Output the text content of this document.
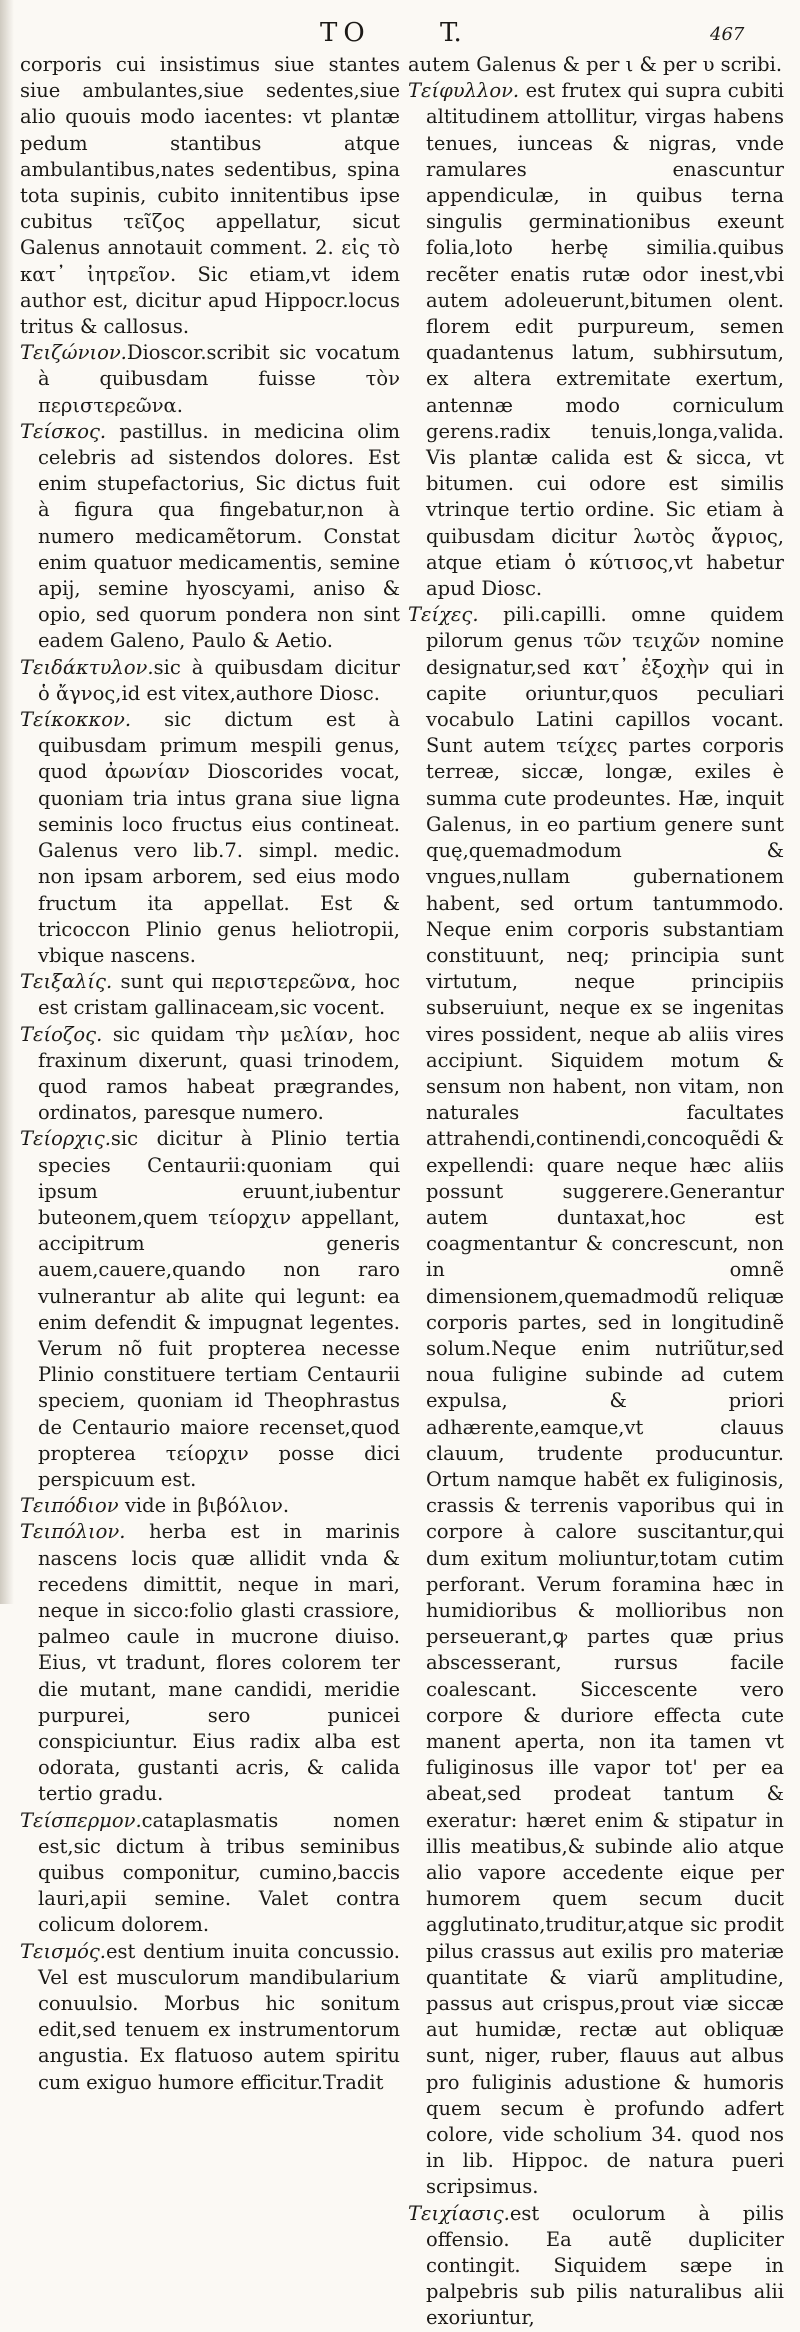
TO	T.	467

corporis cui insistimus siue stantes siue ambulantes,siue sedentes,siue alio quouis modo iacentes: vt plantæ pedum stantibus atque ambulantibus,nates sedentibus, spina tota supinis, cubito innitentibus ipse cubitus τεῖζος appellatur, sicut Galenus annotauit comment. 2. εἰς τὸ κατ᾽ ἰητρεῖον. Sic etiam,vt idem author est, dicitur apud Hippocr.locus tritus & callosus.

Τειζώνιον.Dioscor.scribit sic vocatum à quibusdam fuisse τὸν περιστερεῶνα.

Τείσκος. pastillus. in medicina olim celebris ad sistendos dolores. Est enim stupefactorius, Sic dictus fuit à figura qua fingebatur,non à numero medicamẽtorum. Constat enim quatuor medicamentis, semine apij, semine hyoscyami, aniso & opio, sed quorum pondera non sint eadem Galeno, Paulo & Aetio.

Τειδάκτυλον.sic à quibusdam dicitur ὁ ἄγνος,id est vitex,authore Diosc.

Τείκοκκον. sic dictum est à quibusdam primum mespili genus, quod ἀρωνίαν Dioscorides vocat, quoniam tria intus grana siue ligna seminis loco fructus eius contineat. Galenus vero lib.7. simpl. medic. non ipsam arborem, sed eius modo fructum ita appellat. Est & tricoccon Plinio genus heliotropii, vbique nascens.

Τειξαλίς. sunt qui περιστερεῶνα, hoc est cristam gallinaceam,sic vocent.

Τείοζος. sic quidam τὴν μελίαν, hoc fraxinum dixerunt, quasi trinodem, quod ramos habeat prægrandes, ordinatos, paresque numero.

Τείορχις.sic dicitur à Plinio tertia species Centaurii:quoniam qui ipsum eruunt,iubentur buteonem,quem τείορχιν appellant, accipitrum generis auem,cauere,quando non raro vulnerantur ab alite qui legunt: ea enim defendit & impugnat legentes. Verum nõ fuit propterea necesse Plinio constituere tertiam Centaurii speciem, quoniam id Theophrastus de Centaurio maiore recenset,quod propterea τείορχιν posse dici perspicuum est.

Τειπόδιον vide in βιβόλιον.

Τειπόλιον. herba est in marinis nascens locis quæ allidit vnda & recedens dimittit, neque in mari, neque in sicco:folio glasti crassiore, palmeo caule in mucrone diuiso. Eius, vt tradunt, flores colorem ter die mutant, mane candidi, meridie purpurei, sero punicei conspiciuntur. Eius radix alba est odorata, gustanti acris, & calida tertio gradu.

Τείσπερμον.cataplasmatis nomen est,sic dictum à tribus seminibus quibus componitur, cumino,baccis lauri,apii semine. Valet contra colicum dolorem.

Τεισμός.est dentium inuita concussio. Vel est musculorum mandibularium conuulsio. Morbus hic sonitum edit,sed tenuem ex instrumentorum angustia. Ex flatuoso autem spiritu cum exiguo humore efficitur.Tradit

autem Galenus & per ι & per υ scribi.

Τείφυλλον. est frutex qui supra cubiti altitudinem attollitur, virgas habens tenues, iunceas & nigras, vnde ramulares enascuntur appendiculæ, in quibus terna singulis germinationibus exeunt folia,loto herbę similia.quibus recẽter enatis rutæ odor inest,vbi autem adoleuerunt,bitumen olent. florem edit purpureum, semen quadantenus latum, subhirsutum, ex altera extremitate exertum, antennæ modo corniculum gerens.radix tenuis,longa,valida. Vis plantæ calida est & sicca, vt bitumen. cui odore est similis vtrinque tertio ordine. Sic etiam à quibusdam dicitur λωτὸς ἄγριος, atque etiam ὁ κύτισος,vt habetur apud Diosc.

Τείχες. pili.capilli. omne quidem pilorum genus τῶν τειχῶν nomine designatur,sed κατ᾽ ἐξοχὴν qui in capite oriuntur,quos peculiari vocabulo Latini capillos vocant. Sunt autem τείχες partes corporis terreæ, siccæ, longæ, exiles è summa cute prodeuntes. Hæ, inquit Galenus, in eo partium genere sunt quę,quemadmodum & vngues,nullam gubernationem habent, sed ortum tantummodo. Neque enim corporis substantiam constituunt, neq; principia sunt virtutum, neque principiis subseruiunt, neque ex se ingenitas vires possident, neque ab aliis vires accipiunt. Siquidem motum & sensum non habent, non vitam, non naturales facultates attrahendi,continendi,concoquẽdi & expellendi: quare neque hæc aliis possunt suggerere.Generantur autem duntaxat,hoc est coagmentantur & concrescunt, non in omnẽ dimensionem,quemadmodũ reliquæ corporis partes, sed in longitudinẽ solum.Neque enim nutriũtur,sed noua fuligine subinde ad cutem expulsa, & priori adhærente,eamque,vt clauus clauum, trudente producuntur. Ortum namque habẽt ex fuliginosis, crassis & terrenis vaporibus qui in corpore à calore suscitantur,qui dum exitum moliuntur,totam cutim perforant. Verum foramina hæc in humidioribus & mollioribus non perseuerant,ꝙ partes quæ prius abscesserant, rursus facile coalescant. Siccescente vero corpore & duriore effecta cute manent aperta, non ita tamen vt fuliginosus ille vapor tot' per ea abeat,sed prodeat tantum & exeratur: hæret enim & stipatur in illis meatibus,& subinde alio atque alio vapore accedente eique per humorem quem secum ducit agglutinato,truditur,atque sic prodit pilus crassus aut exilis pro materiæ quantitate & viarũ amplitudine, passus aut crispus,prout viæ siccæ aut humidæ, rectæ aut obliquæ sunt, niger, ruber, flauus aut albus pro fuliginis adustione & humoris quem secum è profundo adfert colore, vide scholium 34. quod nos in lib. Hippoc. de natura pueri scripsimus.

Τειχίασις.est oculorum à pilis offensio. Ea autẽ dupliciter contingit. Siquidem sæpe in palpebris sub pilis naturalibus alii exoriuntur,
